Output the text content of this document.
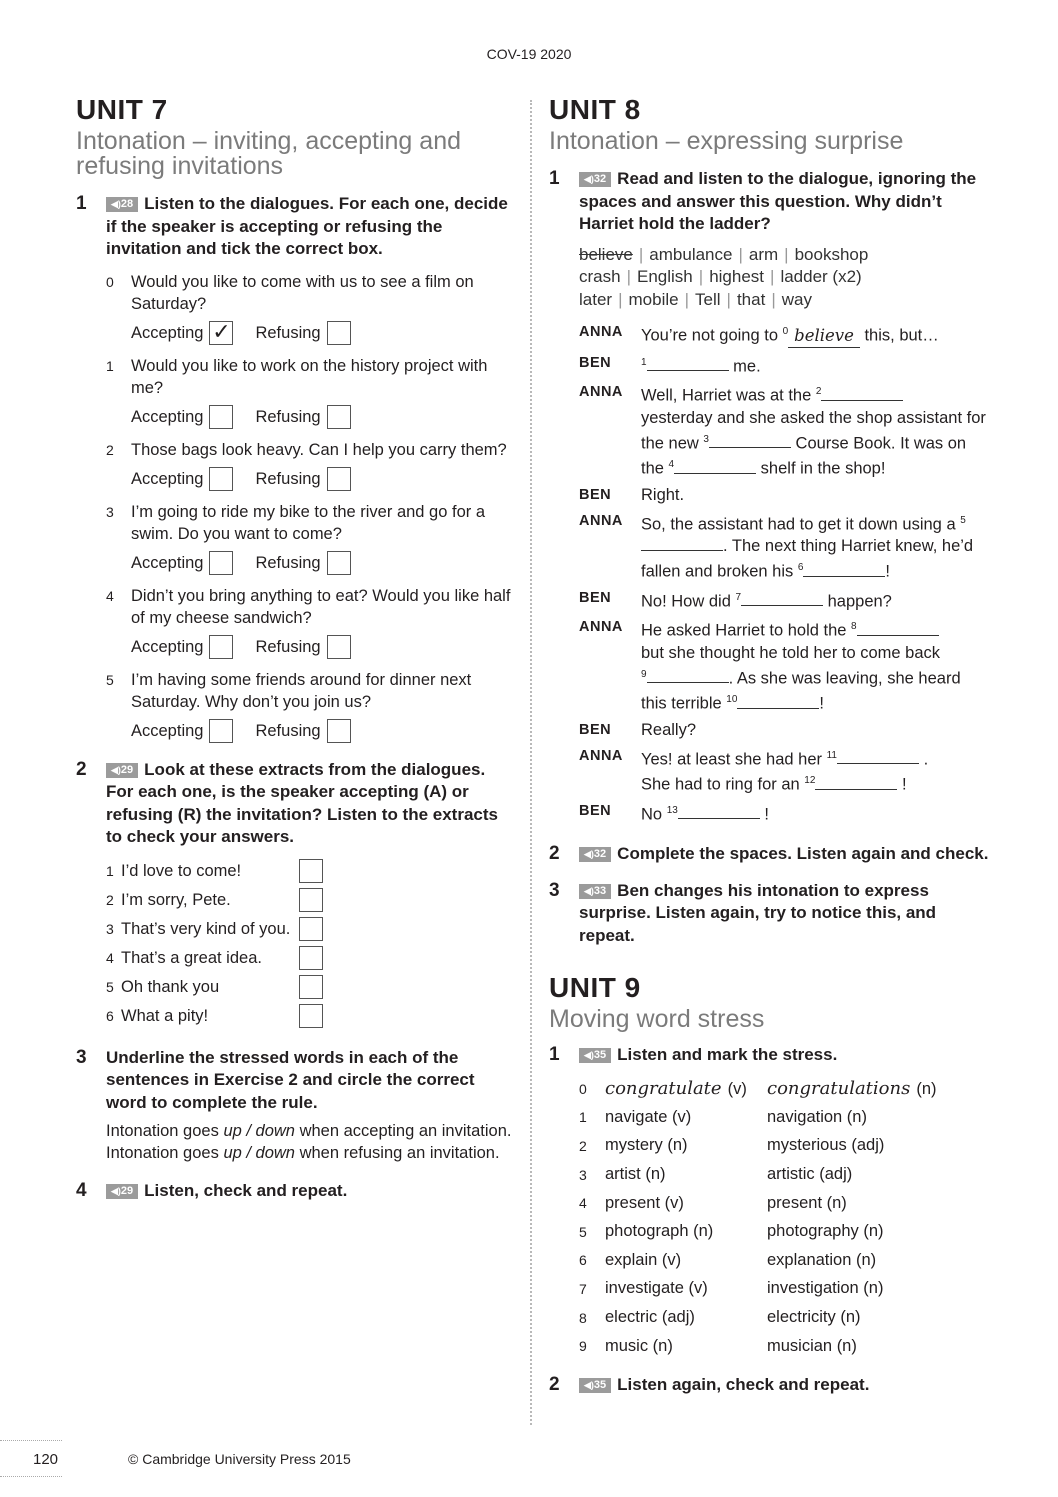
COV-19 2020
UNIT 7
Intonation – inviting, accepting and refusing invitations
1	◀)28 Listen to the dialogues. For each one, decide if the speaker is accepting or refusing the invitation and tick the correct box.
0 Would you like to come with us to see a film on Saturday?
Accepting ✓ Refusing
1 Would you like to work on the history project with me?
Accepting	Refusing
2 Those bags look heavy. Can I help you carry them?
Accepting	Refusing
3 I’m going to ride my bike to the river and go for a swim. Do you want to come?
Accepting	Refusing
4 Didn’t you bring anything to eat? Would you like half of my cheese sandwich?
Accepting	Refusing
5 I’m having some friends around for dinner next Saturday. Why don’t you join us?
Accepting	Refusing
2	◀)29 Look at these extracts from the dialogues. For each one, is the speaker accepting (A) or refusing (R) the invitation? Listen to the extracts to check your answers.
1 I’d love to come!
2 I’m sorry, Pete.
3 That’s very kind of you.
4 That’s a great idea.
5 Oh thank you
6 What a pity!
3 Underline the stressed words in each of the sentences in Exercise 2 and circle the correct word to complete the rule.
Intonation goes up / down when accepting an invitation.
Intonation goes up / down when refusing an invitation.
4	◀)29 Listen, check and repeat.
UNIT 8
Intonation – expressing surprise
1	◀)32 Read and listen to the dialogue, ignoring the spaces and answer this question. Why didn’t Harriet hold the ladder?
believe | ambulance | arm | bookshop
crash | English | highest | ladder (x2)
later | mobile | Tell | that | way
ANNA	You’re not going to $^0$ believe this, but…
BEN	$^1$	me.
ANNA	Well, Harriet was at the $^2$
yesterday and she asked the shop assistant for the new $^3$	Course Book. It was on the $^4$	shelf in the shop!
BEN	Right.
ANNA	So, the assistant had to get it down using a $^5$. The next thing Harriet knew, he’d fallen and broken his $^6$	!
BEN	No! How did $^7$	happen?
ANNA	He asked Harriet to hold the $^8$
but she thought he told her to come back
$^9$	. As she was leaving, she heard this terrible $^{10}$	!
BEN	Really?
ANNA	Yes! at least she had her $^{11}$	.
She had to ring for an $^{12}$	!
BEN	No $^{13}$	!
2	◀)32 Complete the spaces. Listen again and check.
3	◀)33 Ben changes his intonation to express surprise. Listen again, try to notice this, and repeat.
UNIT 9
Moving word stress
1	◀)35 Listen and mark the stress.
0	congratulate (v)	congratulations (n)
1	navigate (v)	navigation (n)
2	mystery (n)	mysterious (adj)
3	artist (n)	artistic (adj)
4	present (v)	present (n)
5	photograph (n)	photography (n)
6	explain (v)	explanation (n)
7	investigate (v)	investigation (n)
8	electric (adj)	electricity (n)
9	music (n)	musician (n)
2	◀)35 Listen again, check and repeat.
120	© Cambridge University Press 2015
